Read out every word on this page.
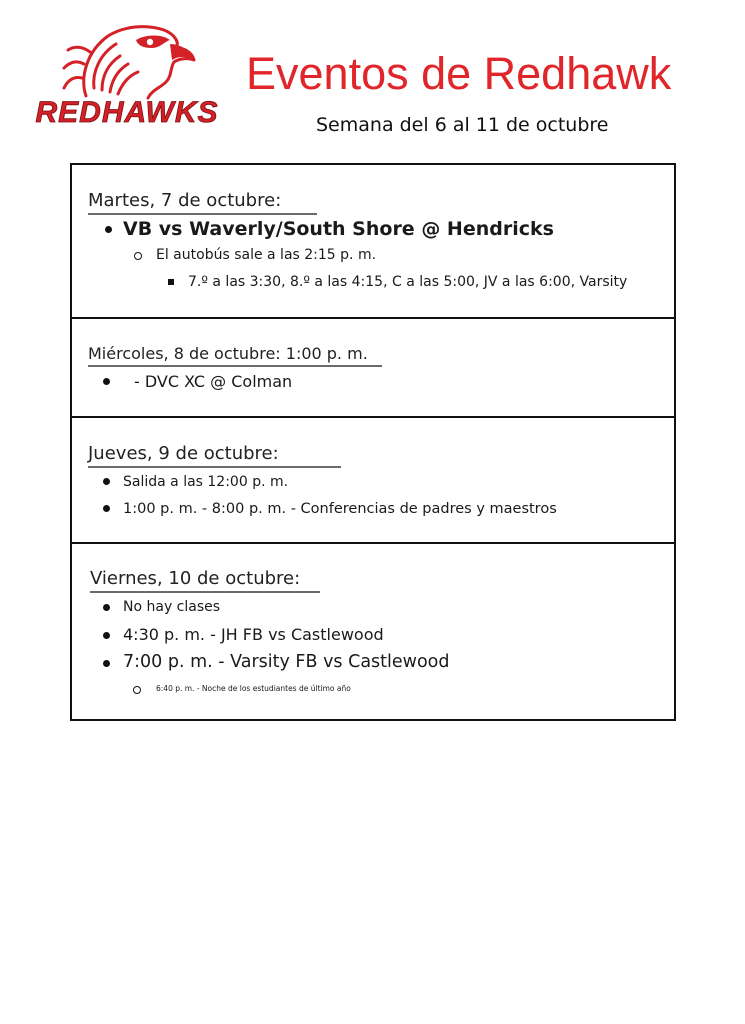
REDHAWKS
Eventos de Redhawk

Semana del 6 al 11 de octubre

Martes, 7 de octubre:
VB vs Waverly/South Shore @ Hendricks
El autobús sale a las 2:15 p. m.
7.º a las 3:30, 8.º a las 4:15, C a las 5:00, JV a las 6:00, Varsity
Miércoles, 8 de octubre: 1:00 p. m.
- DVC XC @ Colman
Jueves, 9 de octubre:
Salida a las 12:00 p. m.
1:00 p. m. - 8:00 p. m. - Conferencias de padres y maestros
Viernes, 10 de octubre:
No hay clases
4:30 p. m. - JH FB vs Castlewood
7:00 p. m. - Varsity FB vs Castlewood
6:40 p. m. - Noche de los estudiantes de último año
